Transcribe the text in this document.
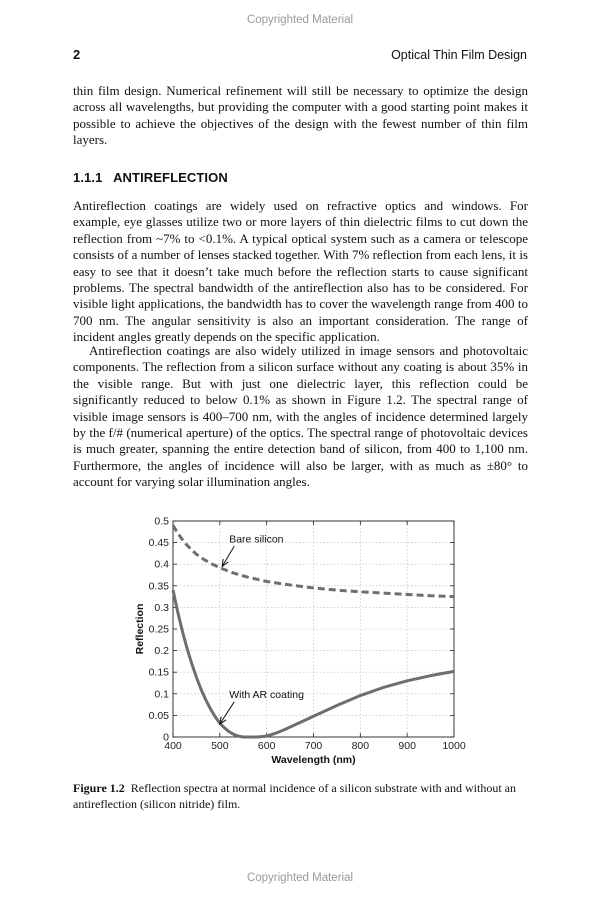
Copyrighted Material
2	Optical Thin Film Design

thin film design. Numerical refinement will still be necessary to optimize the design across all wavelengths, but providing the computer with a good starting point makes it possible to achieve the objectives of the design with the fewest number of thin film layers.

1.1.1   ANTIREFLECTION

Antireflection coatings are widely used on refractive optics and windows. For example, eye glasses utilize two or more layers of thin dielectric films to cut down the reflection from ~7% to <0.1%. A typical optical system such as a camera or telescope consists of a number of lenses stacked together. With 7% reflection from each lens, it is easy to see that it doesn’t take much before the reflection starts to cause significant problems. The spectral bandwidth of the antireflection also has to be considered. For visible light applications, the bandwidth has to cover the wavelength range from 400 to 700 nm. The angular sensitivity is also an important consideration. The range of incident angles greatly depends on the specific application.

Antireflection coatings are also widely utilized in image sensors and photovoltaic components. The reflection from a silicon surface without any coating is about 35% in the visible range. But with just one dielectric layer, this reflection could be significantly reduced to below 0.1% as shown in Figure 1.2. The spectral range of visible image sensors is 400–700 nm, with the angles of incidence determined largely by the f/# (numerical aperture) of the optics. The spectral range of photovoltaic devices is much greater, spanning the entire detection band of silicon, from 400 to 1,100 nm. Furthermore, the angles of incidence will also be larger, with as much as ±80° to account for varying solar illumination angles.

Bare silicon
With AR coating
400	500	600	700	800	900	1000
0
0.05
0.1
0.15
0.2
0.25
0.3
0.35
0.4
0.45
0.5
Wavelength (nm)
Reflection

Figure 1.2 Reflection spectra at normal incidence of a silicon substrate with and without an antireflection (silicon nitride) film.

Copyrighted Material
